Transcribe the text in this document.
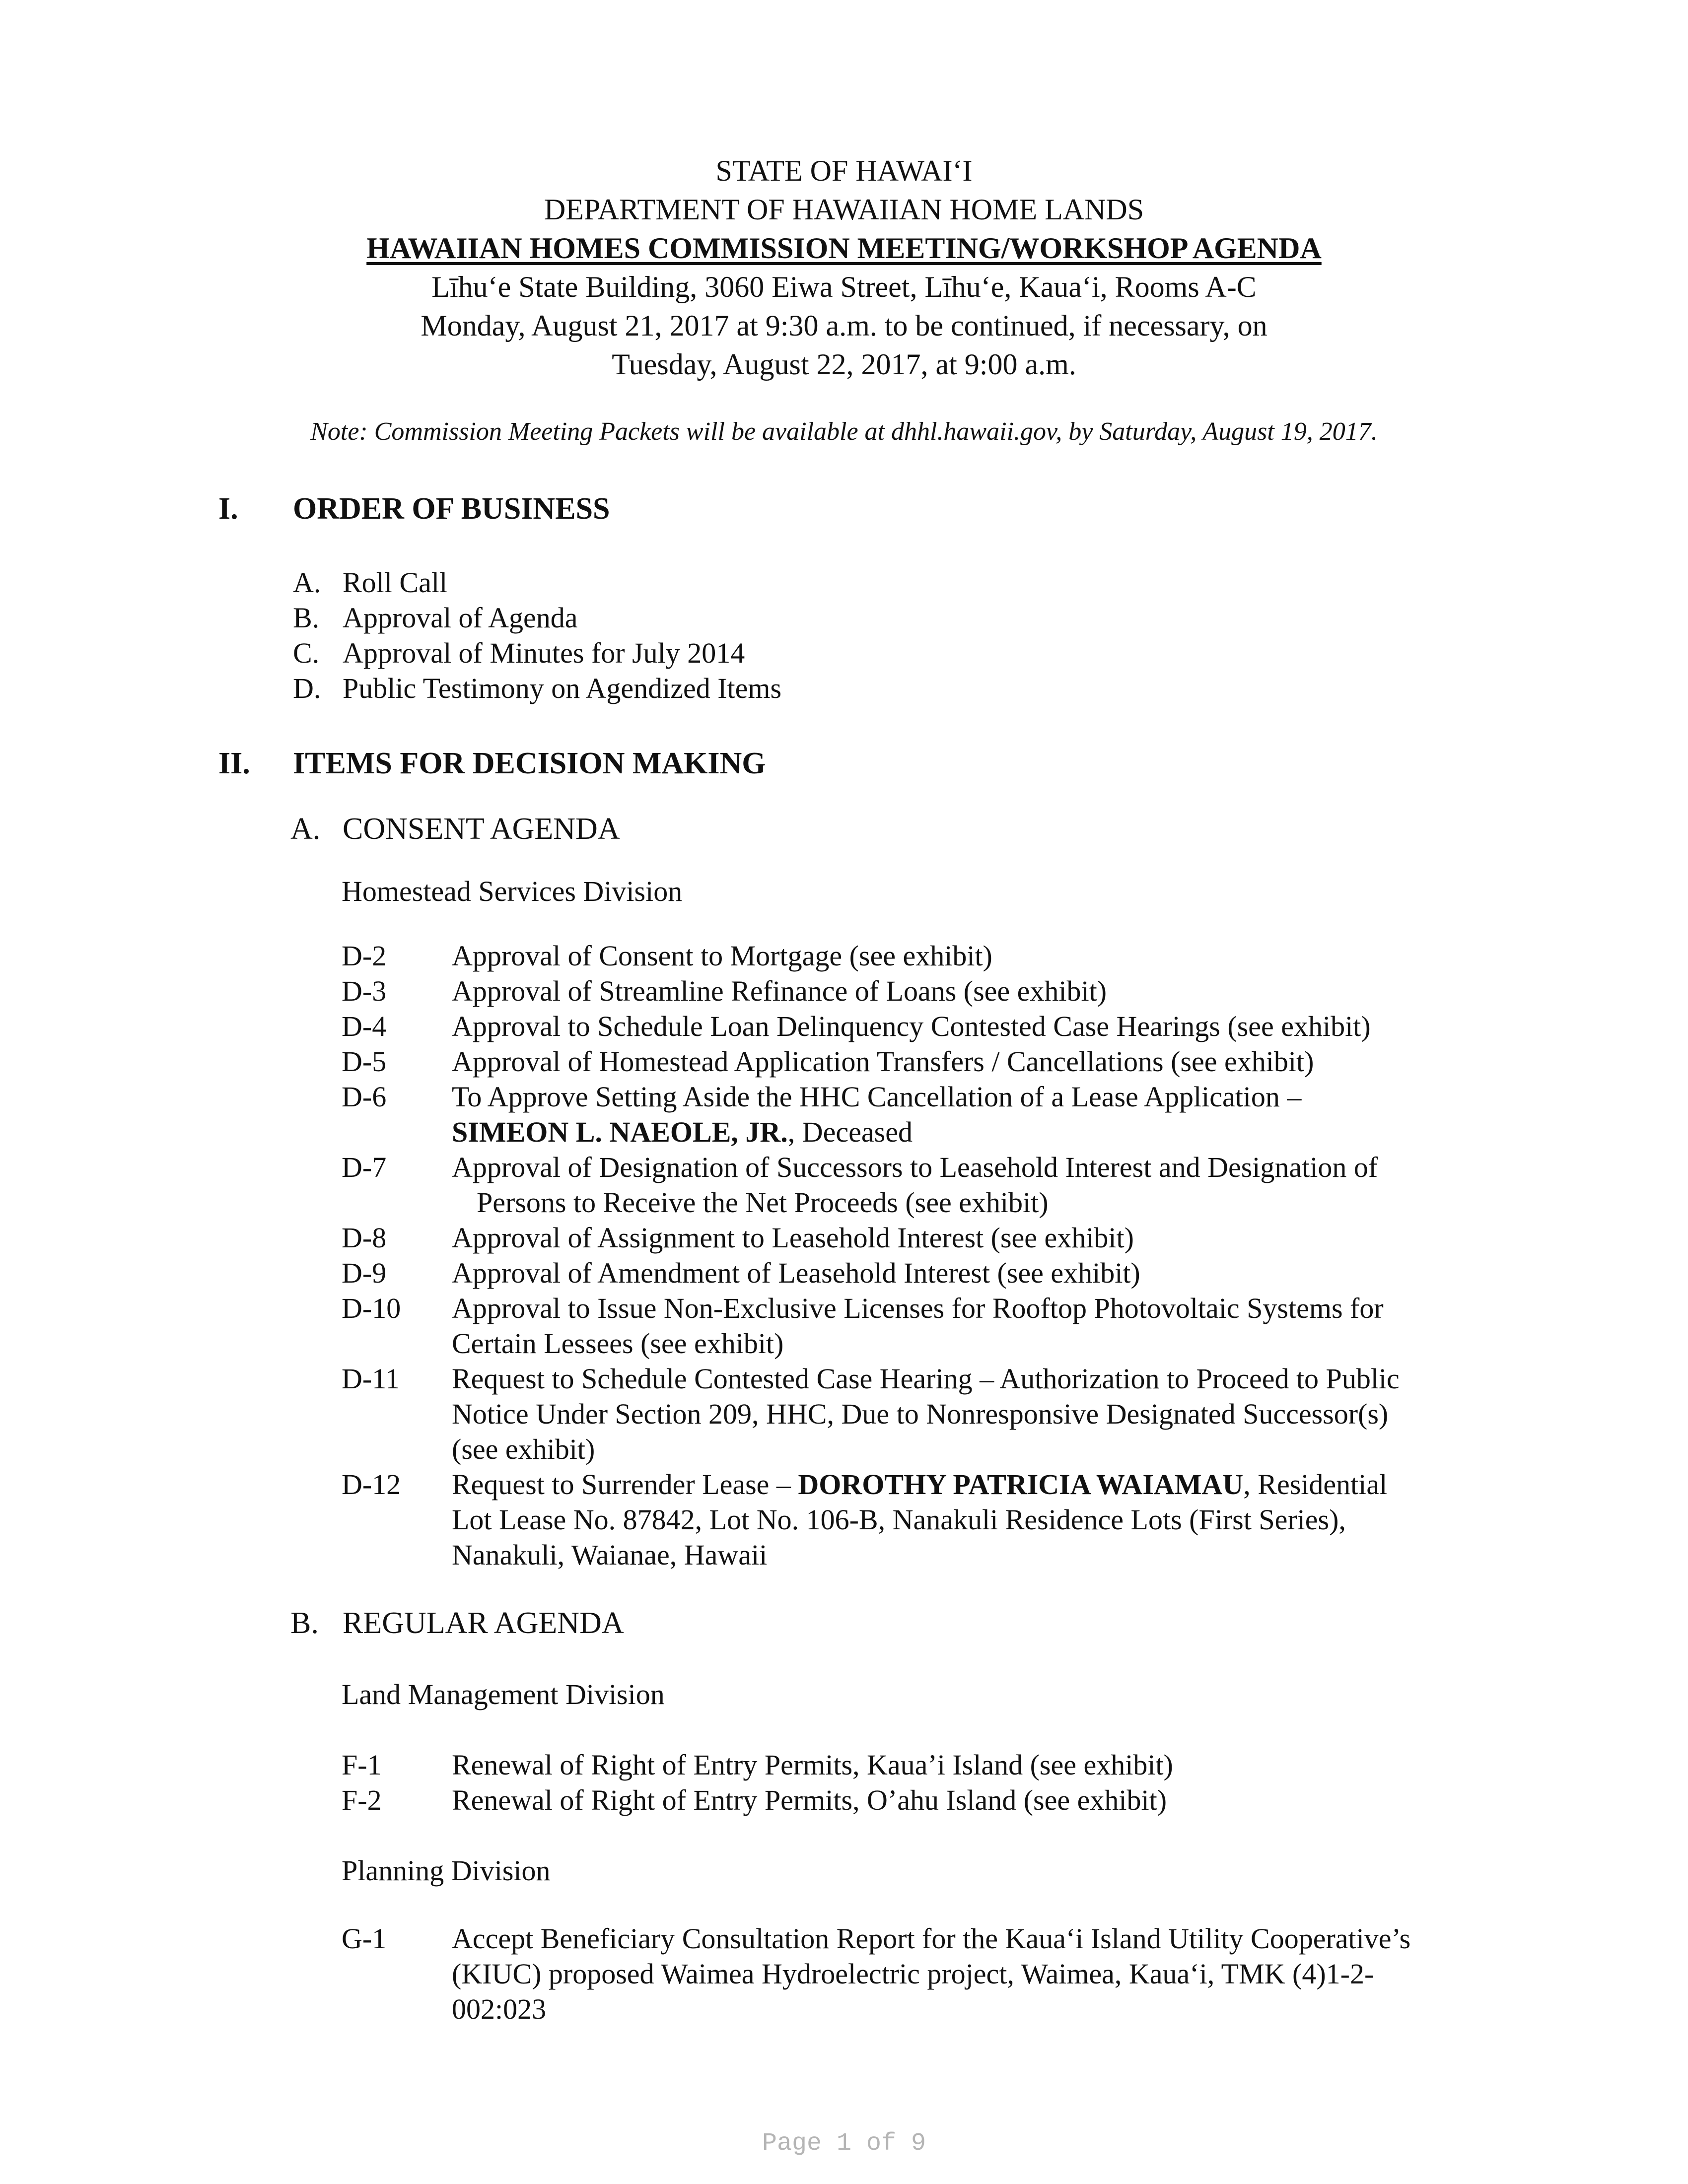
STATE OF HAWAIʻI
DEPARTMENT OF HAWAIIAN HOME LANDS
HAWAIIAN HOMES COMMISSION MEETING/WORKSHOP AGENDA
Līhuʻe State Building, 3060 Eiwa Street, Līhuʻe, Kauaʻi, Rooms A-C
Monday, August 21, 2017 at 9:30 a.m. to be continued, if necessary, on
Tuesday, August 22, 2017, at 9:00 a.m.
Note: Commission Meeting Packets will be available at dhhl.hawaii.gov, by Saturday, August 19, 2017.
I. ORDER OF BUSINESS
A. Roll Call
B. Approval of Agenda
C. Approval of Minutes for July 2014
D. Public Testimony on Agendized Items
II. ITEMS FOR DECISION MAKING
A. CONSENT AGENDA
Homestead Services Division
D-2 Approval of Consent to Mortgage (see exhibit)
D-3 Approval of Streamline Refinance of Loans (see exhibit)
D-4 Approval to Schedule Loan Delinquency Contested Case Hearings (see exhibit)
D-5 Approval of Homestead Application Transfers / Cancellations (see exhibit)
D-6 To Approve Setting Aside the HHC Cancellation of a Lease Application –
SIMEON L. NAEOLE, JR., Deceased
D-7 Approval of Designation of Successors to Leasehold Interest and Designation of
Persons to Receive the Net Proceeds (see exhibit)
D-8 Approval of Assignment to Leasehold Interest (see exhibit)
D-9 Approval of Amendment of Leasehold Interest (see exhibit)
D-10 Approval to Issue Non-Exclusive Licenses for Rooftop Photovoltaic Systems for
Certain Lessees (see exhibit)
D-11 Request to Schedule Contested Case Hearing – Authorization to Proceed to Public
Notice Under Section 209, HHC, Due to Nonresponsive Designated Successor(s)
(see exhibit)
D-12 Request to Surrender Lease – DOROTHY PATRICIA WAIAMAU, Residential
Lot Lease No. 87842, Lot No. 106-B, Nanakuli Residence Lots (First Series),
Nanakuli, Waianae, Hawaii
B. REGULAR AGENDA
Land Management Division
F-1 Renewal of Right of Entry Permits, Kaua’i Island (see exhibit)
F-2 Renewal of Right of Entry Permits, O’ahu Island (see exhibit)
Planning Division
G-1 Accept Beneficiary Consultation Report for the Kauaʻi Island Utility Cooperative’s
(KIUC) proposed Waimea Hydroelectric project, Waimea, Kauaʻi, TMK (4)1-2-
002:023
Page 1 of 9
